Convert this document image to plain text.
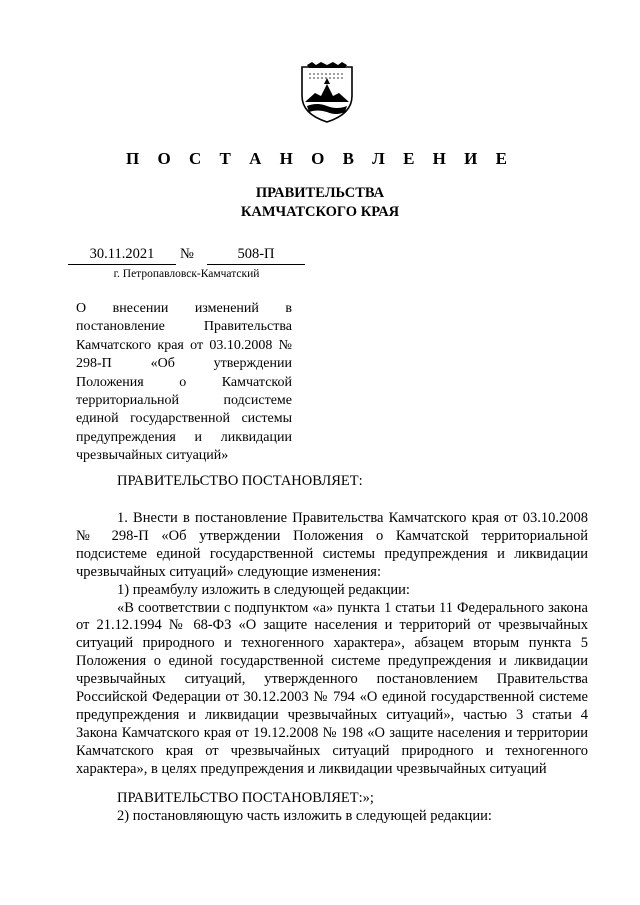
П О С Т А Н О В Л Е Н И Е
ПРАВИТЕЛЬСТВА
КАМЧАТСКОГО КРАЯ
30.11.2021	№	508-П
г. Петропавловск-Камчатский

О внесении изменений в постановление Правительства Камчатского края от 03.10.2008 № 298-П «Об утверждении Положения о Камчатской территориальной подсистеме единой государственной системы предупреждения и ликвидации чрезвычайных ситуаций»

ПРАВИТЕЛЬСТВО ПОСТАНОВЛЯЕТ:

1. Внести в постановление Правительства Камчатского края от 03.10.2008 № 298-П «Об утверждении Положения о Камчатской территориальной подсистеме единой государственной системы предупреждения и ликвидации чрезвычайных ситуаций» следующие изменения:

1) преамбулу изложить в следующей редакции:

«В соответствии с подпунктом «а» пункта 1 статьи 11 Федерального закона от 21.12.1994 № 68-ФЗ «О защите населения и территорий от чрезвычайных ситуаций природного и техногенного характера», абзацем вторым пункта 5 Положения о единой государственной системе предупреждения и ликвидации чрезвычайных ситуаций, утвержденного постановлением Правительства Российской Федерации от 30.12.2003 № 794 «О единой государственной системе предупреждения и ликвидации чрезвычайных ситуаций», частью 3 статьи 4 Закона Камчатского края от 19.12.2008 № 198 «О защите населения и территории Камчатского края от чрезвычайных ситуаций природного и техногенного характера», в целях предупреждения и ликвидации чрезвычайных ситуаций

ПРАВИТЕЛЬСТВО ПОСТАНОВЛЯЕТ:»;

2) постановляющую часть изложить в следующей редакции:
